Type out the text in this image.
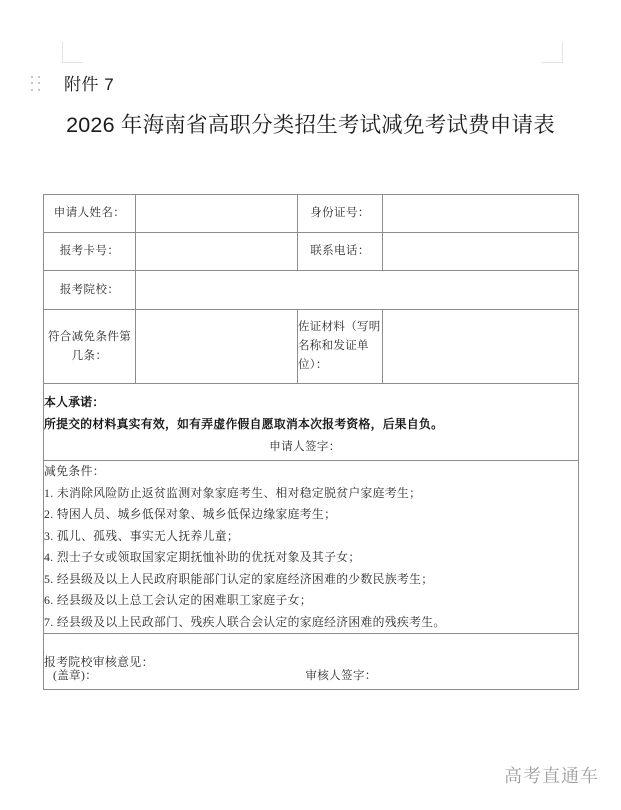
附件 7
2026 年海南省高职分类招生考试减免考试费申请表
申请人姓名：		身份证号：	
报考卡号：		联系电话：	
报考院校：			
符合减免条件第几条：		佐证材料（写明名称和发证单位）：	

本人承诺：
所提交的材料真实有效，如有弄虚作假自愿取消本次报考资格，后果自负。
申请人签字：			

减免条件：
1. 未消除风险防止返贫监测对象家庭考生、相对稳定脱贫户家庭考生；
2. 特困人员、城乡低保对象、城乡低保边缘家庭考生；
3. 孤儿、孤残、事实无人抚养儿童；
4. 烈士子女或领取国家定期抚恤补助的优抚对象及其子女；
5. 经县级及以上人民政府职能部门认定的家庭经济困难的少数民族考生；
6. 经县级及以上总工会认定的困难职工家庭子女；
7. 经县级及以上民政部门、残疾人联合会认定的家庭经济困难的残疾考生。

报考院校审核意见：
(盖章)： 审核人签字：			
高考直通车
